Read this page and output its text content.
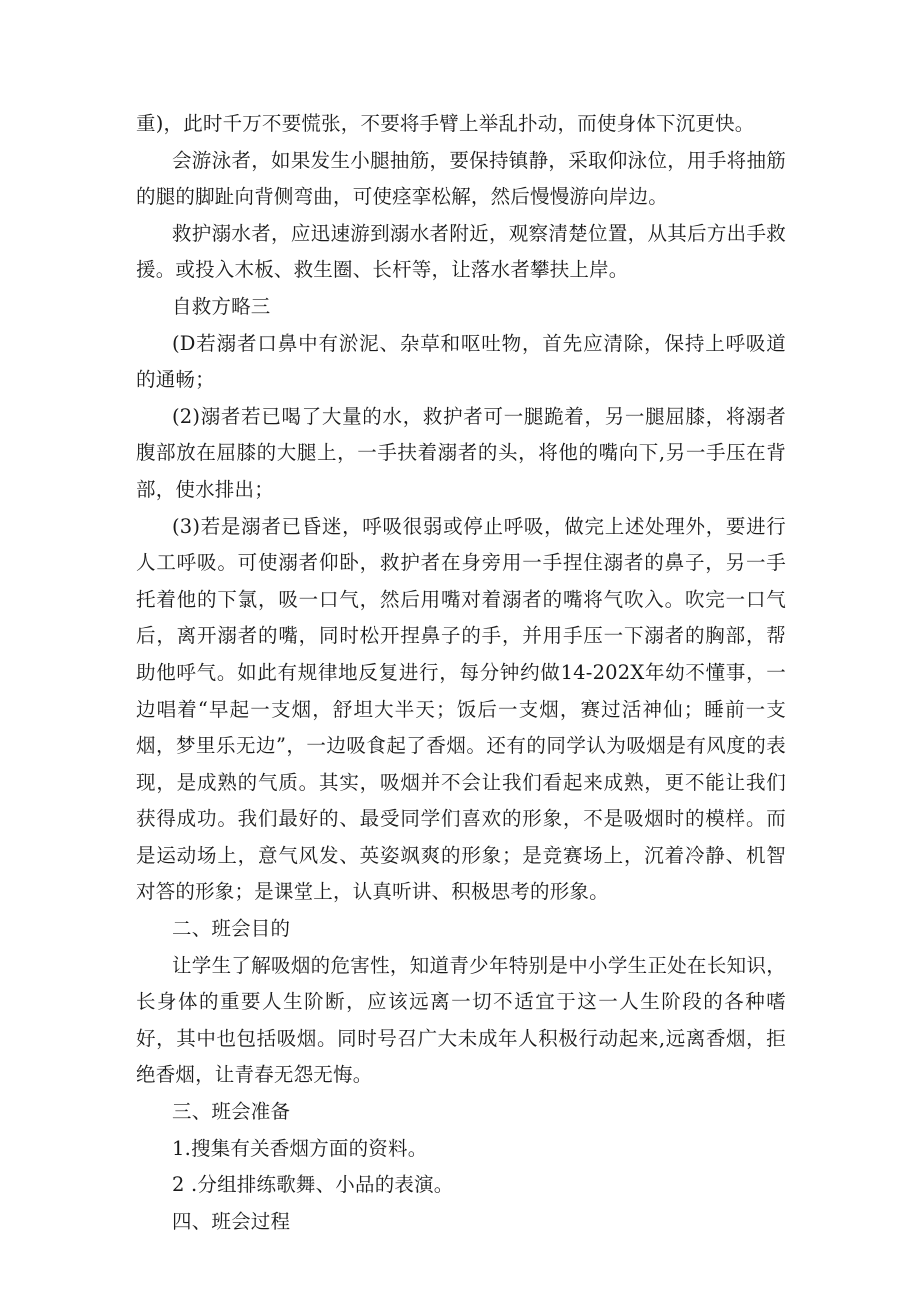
重)，此时千万不要慌张，不要将手臂上举乱扑动，而使身体下沉更快。

会游泳者，如果发生小腿抽筋，要保持镇静，采取仰泳位，用手将抽筋的腿的脚趾向背侧弯曲，可使痉挛松解，然后慢慢游向岸边。

救护溺水者，应迅速游到溺水者附近，观察清楚位置，从其后方出手救援。或投入木板、救生圈、长杆等，让落水者攀扶上岸。

自救方略三

(D若溺者口鼻中有淤泥、杂草和呕吐物，首先应清除，保持上呼吸道的通畅；

(2)溺者若已喝了大量的水，救护者可一腿跪着，另一腿屈膝，将溺者腹部放在屈膝的大腿上，一手扶着溺者的头，将他的嘴向下,另一手压在背部，使水排出；

(3)若是溺者已昏迷，呼吸很弱或停止呼吸，做完上述处理外，要进行人工呼吸。可使溺者仰卧，救护者在身旁用一手捏住溺者的鼻子，另一手托着他的下氯，吸一口气，然后用嘴对着溺者的嘴将气吹入。吹完一口气后，离开溺者的嘴，同时松开捏鼻子的手，并用手压一下溺者的胸部，帮助他呼气。如此有规律地反复进行，每分钟约做14-202X年幼不懂事，一边唱着“早起一支烟，舒坦大半天；饭后一支烟，赛过活神仙；睡前一支烟，梦里乐无边”，一边吸食起了香烟。还有的同学认为吸烟是有风度的表现，是成熟的气质。其实，吸烟并不会让我们看起来成熟，更不能让我们获得成功。我们最好的、最受同学们喜欢的形象，不是吸烟时的模样。而是运动场上，意气风发、英姿飒爽的形象；是竞赛场上，沉着冷静、机智对答的形象；是课堂上，认真听讲、积极思考的形象。

二、班会目的

让学生了解吸烟的危害性，知道青少年特别是中小学生正处在长知识，长身体的重要人生阶断，应该远离一切不适宜于这一人生阶段的各种嗜好，其中也包括吸烟。同时号召广大未成年人积极行动起来,远离香烟，拒绝香烟，让青春无怨无悔。

三、班会准备

1.搜集有关香烟方面的资料。

2 .分组排练歌舞、小品的表演。

四、班会过程
